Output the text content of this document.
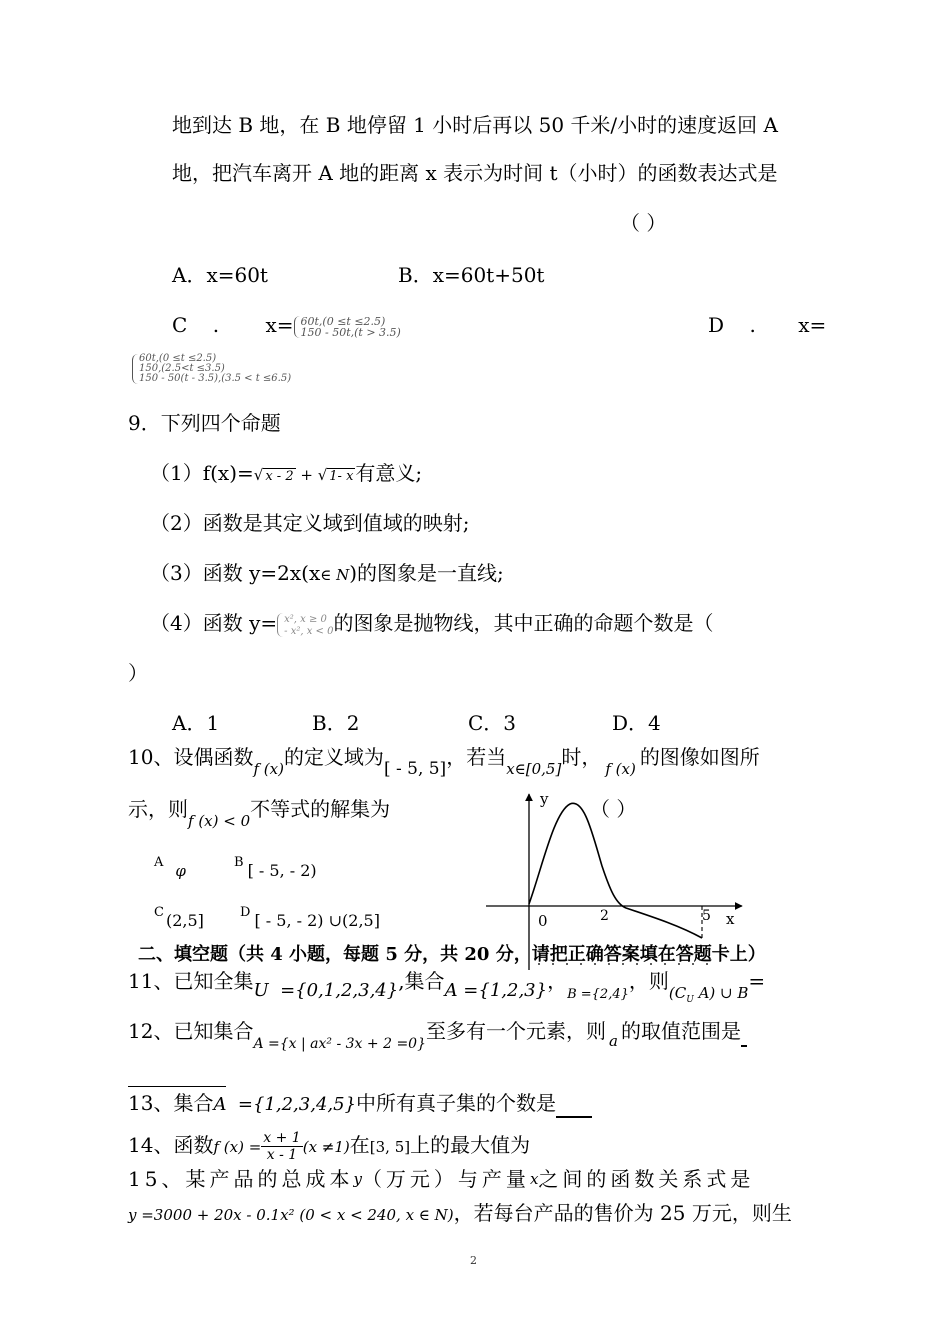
地到达 B 地，在 B 地停留 1 小时后再以 50 千米/小时的速度返回 A
地，把汽车离开 A 地的距离 x 表示为时间 t（小时）的函数表达式是
（ ）
A．x=60t	B．x=60t+50t
C    . x= 60t,(0 ≤t ≤2.5)
150 - 50t,(t > 3.5)	D    . x=
60t,(0 ≤t ≤2.5)
150,(2.5<t ≤3.5)
150 - 50(t - 3.5),(3.5 < t ≤6.5)
9．下列四个命题
（1）f(x)=√ x - 2 + √ 1- x 有意义;
（2）函数是其定义域到值域的映射;
（3）函数 y=2x(x∈ N)的图象是一直线;
（4）函数 y= x², x ≥ 0
- x², x < 0的图象是抛物线，其中正确的命题个数是（
）
A．1	B．2	C．3	D．4
10、设偶函数$_{f (x)}$的定义域为$_{[ - 5, 5]}$，若当$_{x\in[0,5]}$时， $_{f (x)}$ 的图像如图所
示，则$_{f (x) < 0}$不等式的解集为	（ ）
A $_\varphi$	B $_{[ - 5, - 2)}$
C $_{(2,5]}$	D $_{[ - 5, - 2) \cup(2,5]}$
y
x
0	2	5
二、填空题（共 4 小题，每题 5 分，共 20 分，请把正确答案填在答题卡上）
11、已知全集U  ={0,1,2,3,4},集合A ={1,2,3}，$_{B =\{2,4\}}$，则$_{(C_U A) \cup B}$=
12、已知集合$_{A =\{x | ax^2 - 3x + 2 =0\}}$至多有一个元素，则 $_a$ 的取值范围是
13、集合A  ={1,2,3,4,5}中所有真子集的个数是
14、函数f $(x) = \frac{x + 1}{x - 1} (x \ne 1)$在[3, 5]上的最大值为
15、某产品的总成本y（万元）与产量x之间的函数关系式是
y =3000 + 20x - 0.1x² (0 < x < 240, x ∈ N)，若每台产品的售价为 25 万元，则生
2
